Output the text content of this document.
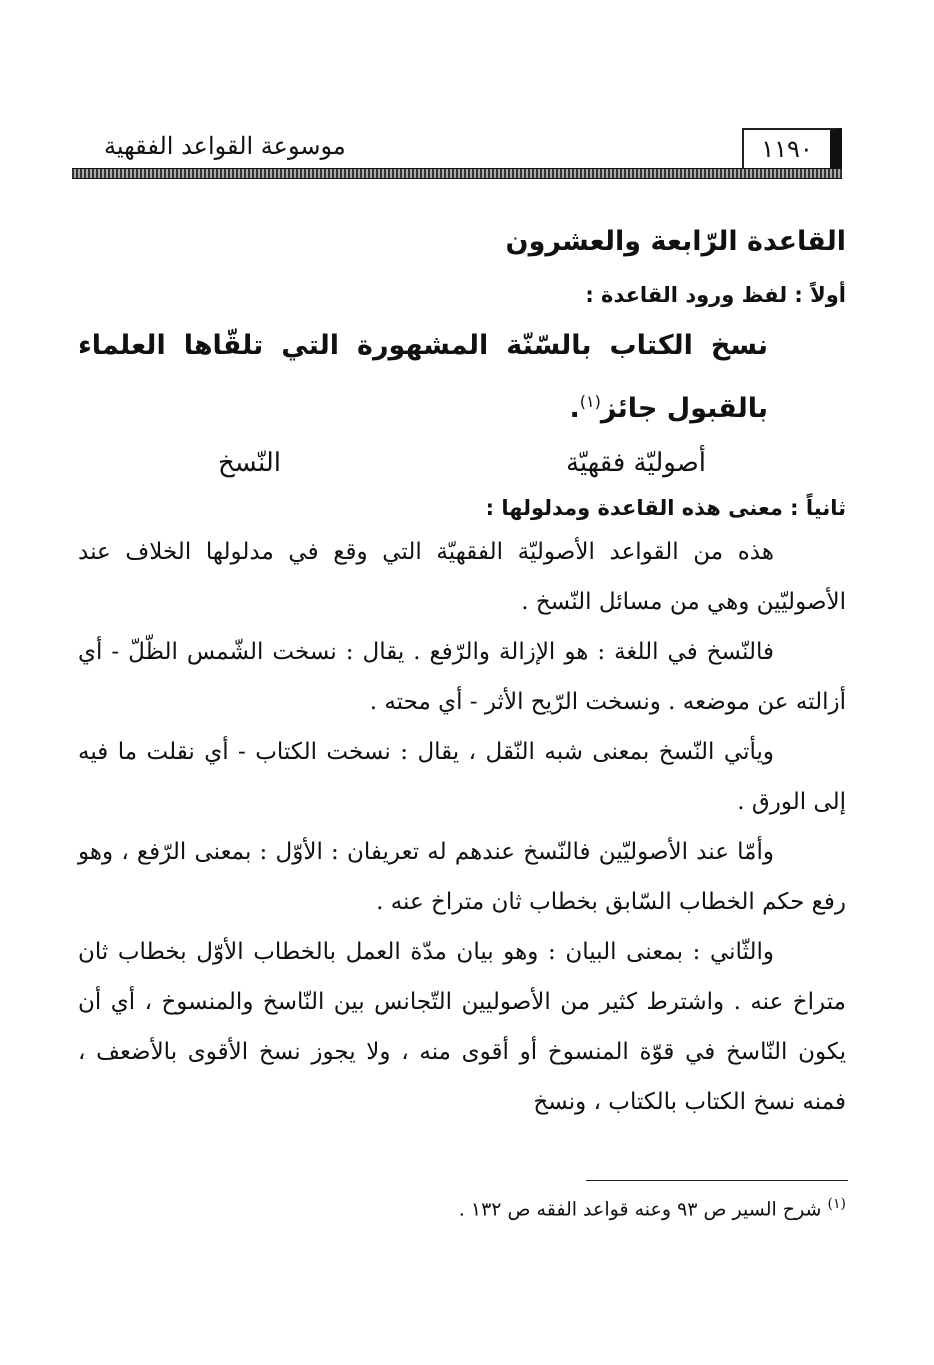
١١٩٠
موسوعة القواعد الفقهية
القاعدة الرّابعة والعشرون

أولاً : لفظ ورود القاعدة :

نسخ الكتاب بالسّنّة المشهورة التي تلقّاها العلماء بالقبول جائز$^{(١)}$.

أصوليّة فقهيّة
النّسخ

ثانياً : معنى هذه القاعدة ومدلولها :

هذه من القواعد الأصوليّة الفقهيّة التي وقع في مدلولها الخلاف عند الأصوليّين وهي من مسائل النّسخ .

فالنّسخ في اللغة : هو الإزالة والرّفع . يقال : نسخت الشّمس الظّلّ - أي أزالته عن موضعه . ونسخت الرّيح الأثر - أي محته .

ويأتي النّسخ بمعنى شبه النّقل ، يقال : نسخت الكتاب - أي نقلت ما فيه إلى الورق .

وأمّا عند الأصوليّين فالنّسخ عندهم له تعريفان : الأوّل : بمعنى الرّفع ، وهو رفع حكم الخطاب السّابق بخطاب ثان متراخ عنه .

والثّاني : بمعنى البيان : وهو بيان مدّة العمل بالخطاب الأوّل بخطاب ثان متراخ عنه . واشترط كثير من الأصوليين التّجانس بين النّاسخ والمنسوخ ، أي أن يكون النّاسخ في قوّة المنسوخ أو أقوى منه ، ولا يجوز نسخ الأقوى بالأضعف ، فمنه نسخ الكتاب بالكتاب ، ونسخ

$^{(١)}$ شرح السير ص ٩٣ وعنه قواعد الفقه ص ١٣٢ .
